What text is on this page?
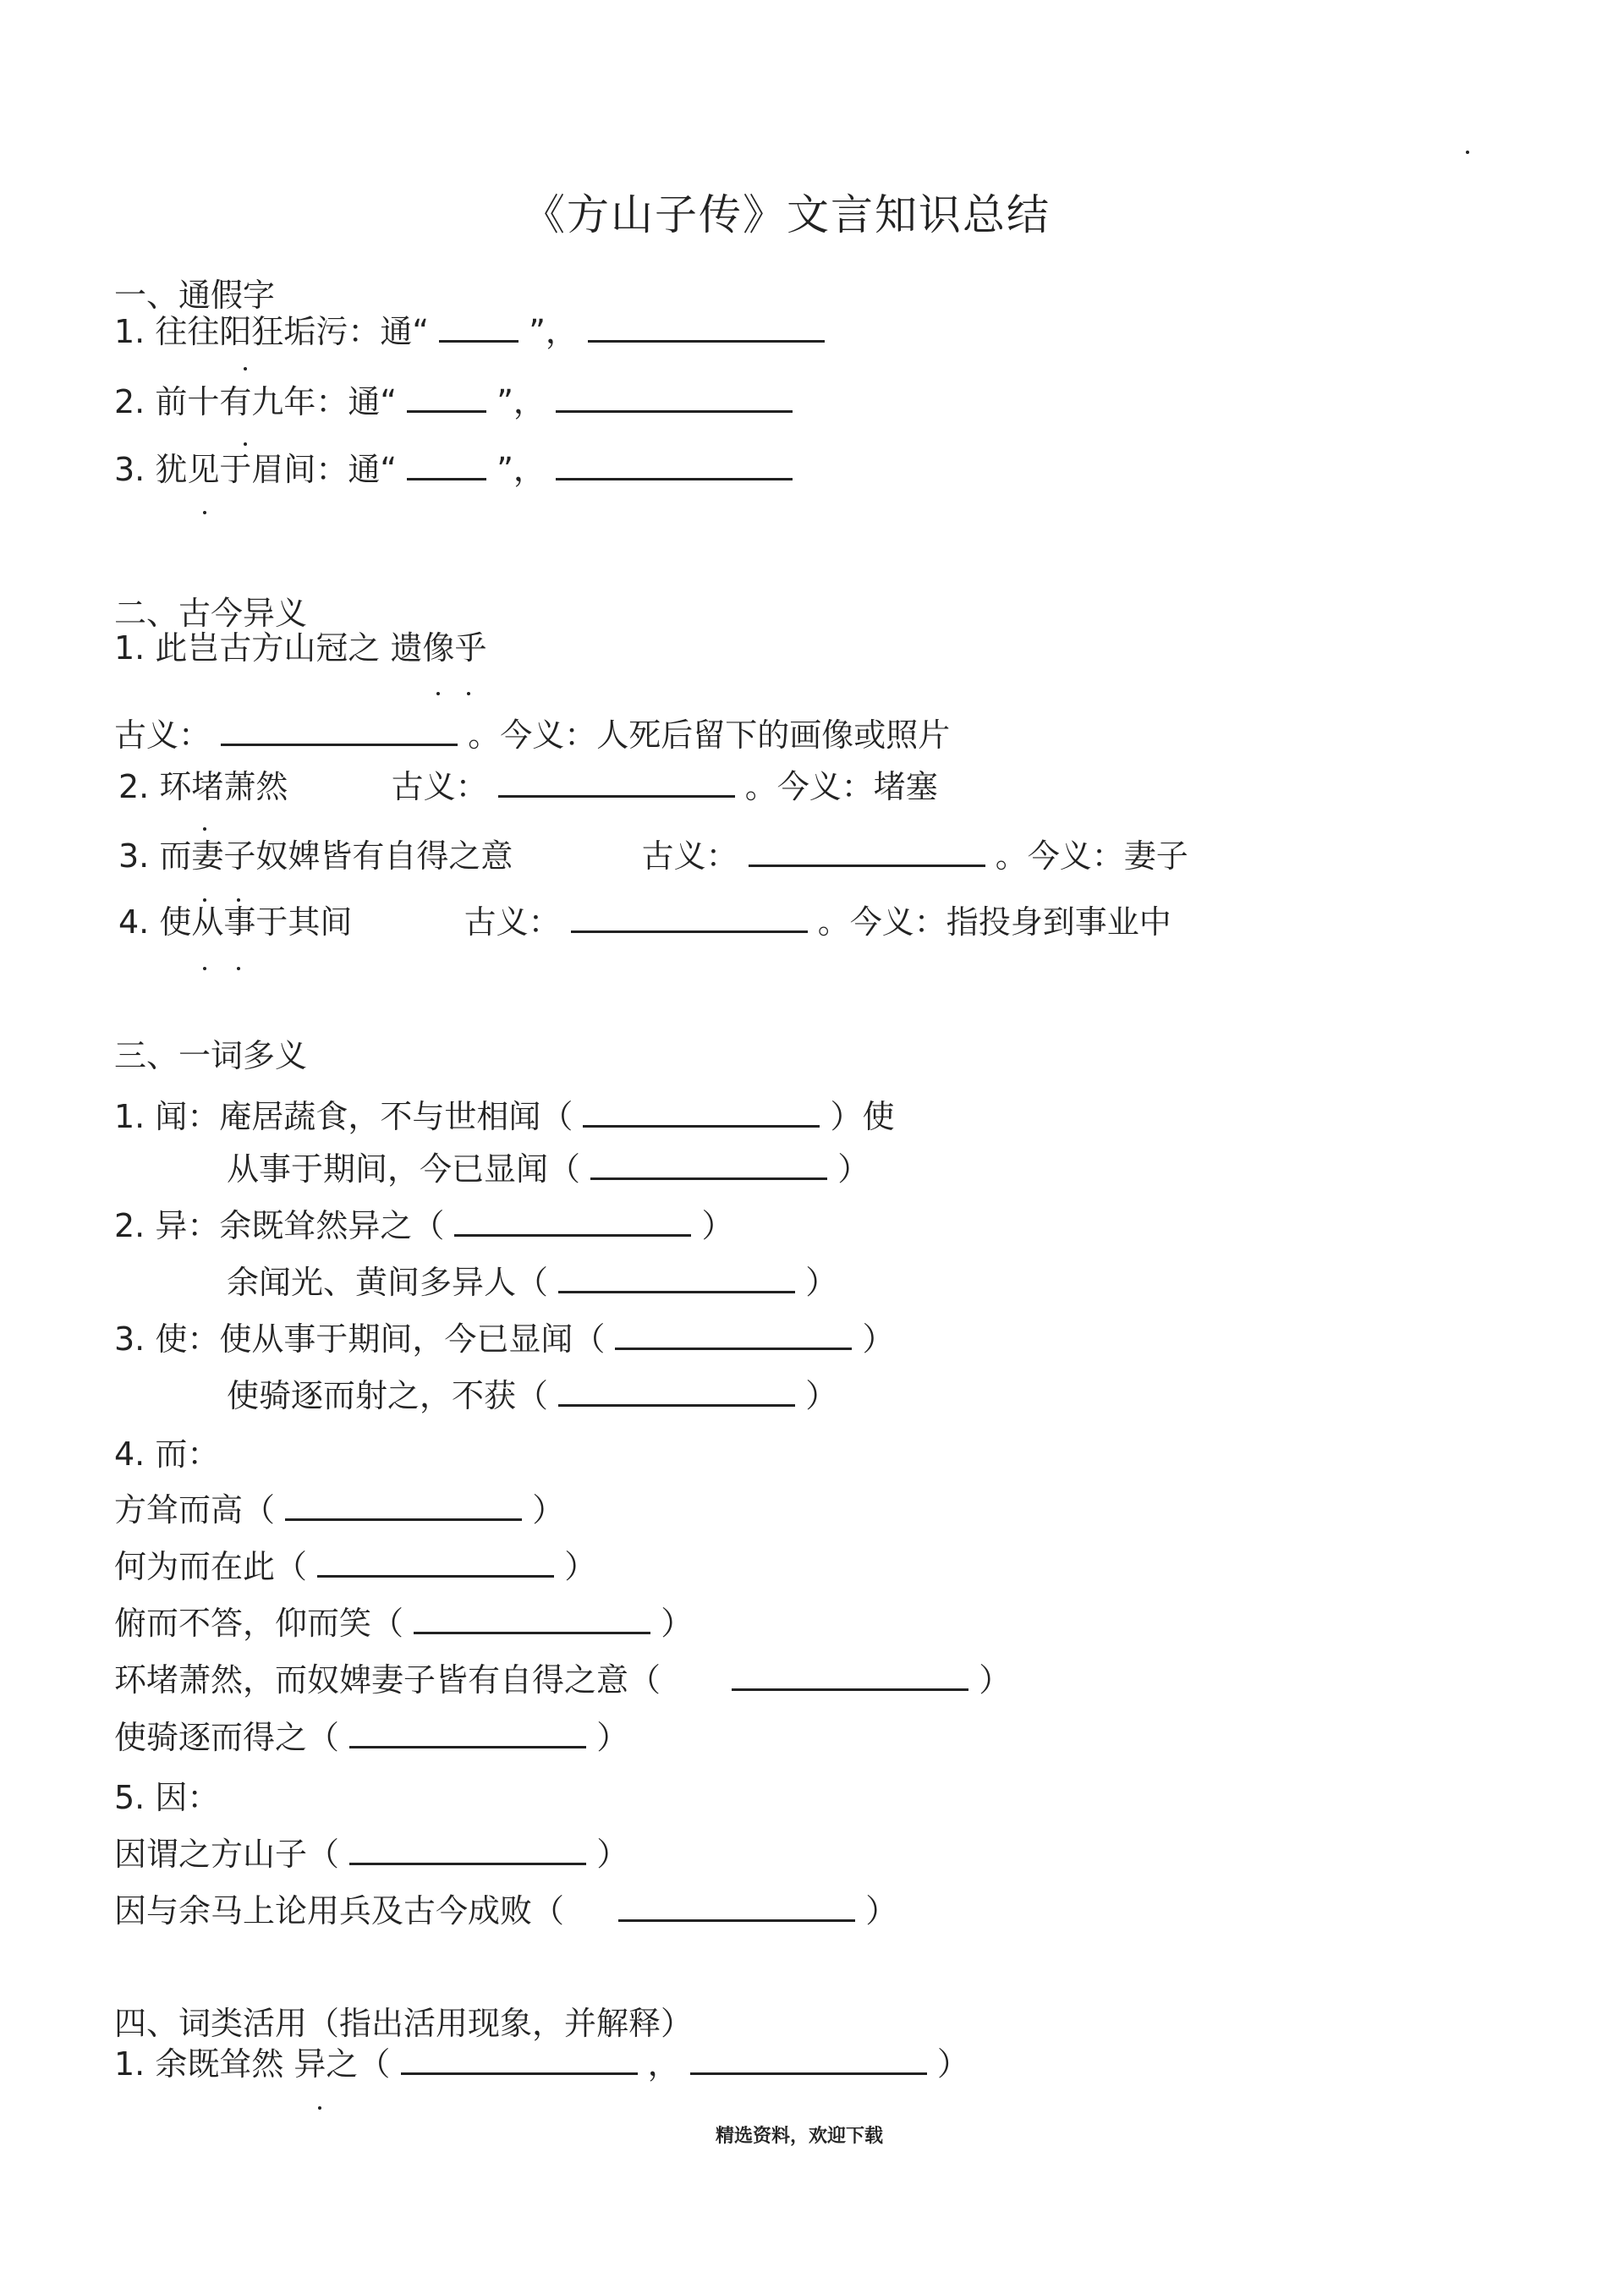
《方山子传》文言知识总结
一、通假字
1. 往往阳狂垢污：通“	”，
2. 前十有九年：通“	”，
3. 犹见于眉间：通“	”，
二、古今异义
1. 此岂古方山冠之 遗像乎
古义：	。今义：人死后留下的画像或照片
2. 环堵萧然	古义：	。今义：堵塞
3. 而妻子奴婢皆有自得之意	古义：	。今义：妻子
4. 使从事于其间	古义：	。今义：指投身到事业中
三、一词多义
1. 闻：庵居蔬食，不与世相闻（	）使
从事于期间，今已显闻（	）
2. 异：余既耸然异之（	）
余闻光、黄间多异人（	）
3. 使：使从事于期间，今已显闻（	）
使骑逐而射之，不获（	）
4. 而：
方耸而高（	）
何为而在此（	）
俯而不答，仰而笑（	）
环堵萧然，而奴婢妻子皆有自得之意（	）
使骑逐而得之（	）
5. 因：
因谓之方山子（	）
因与余马上论用兵及古今成败（	）
四、词类活用（指出活用现象，并解释）
1. 余既耸然 异之（	，	）
精选资料，欢迎下载
